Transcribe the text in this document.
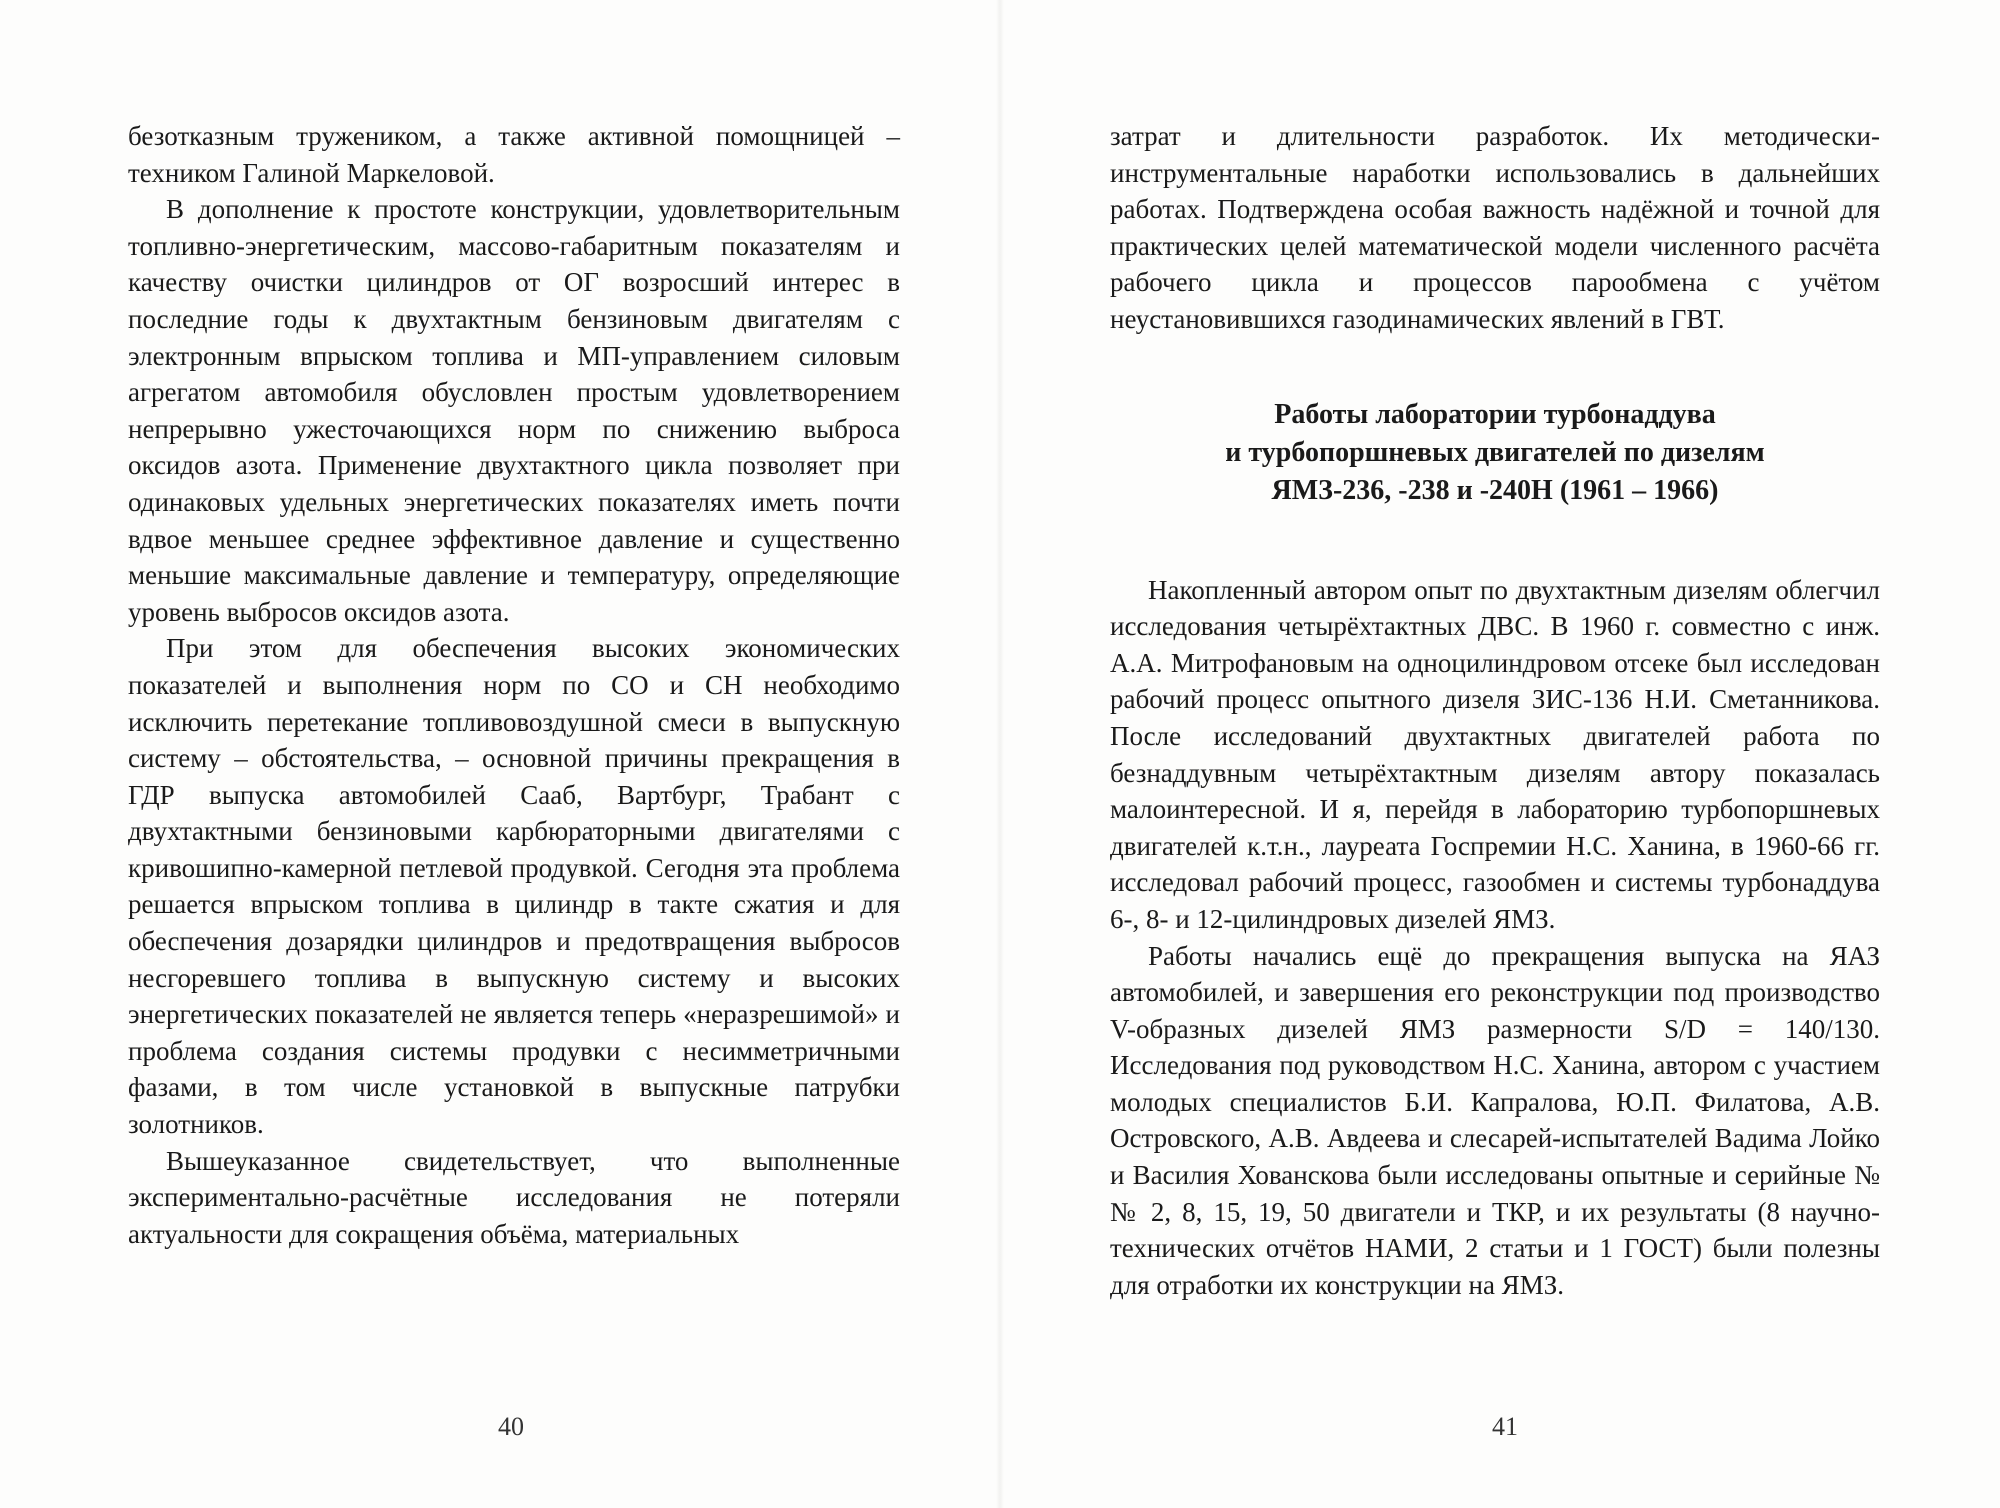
безотказным тружеником, а также активной помощницей – техником Галиной Маркеловой.

В дополнение к простоте конструкции, удовлетворительным топливно-энергетическим, массово-габаритным показателям и качеству очистки цилиндров от ОГ возросший интерес в последние годы к двухтактным бензиновым двигателям с электронным впрыском топлива и МП-управлением силовым агрегатом автомобиля обусловлен простым удовлетворением непрерывно ужесточающихся норм по снижению выброса оксидов азота. Применение двухтактного цикла позволяет при одинаковых удельных энергетических показателях иметь почти вдвое меньшее среднее эффективное давление и существенно меньшие максимальные давление и температуру, определяющие уровень выбросов оксидов азота.

При этом для обеспечения высоких экономических показателей и выполнения норм по СО и СН необходимо исключить перетекание топливовоздушной смеси в выпускную систему – обстоятельства, – основной причины прекращения в ГДР выпуска автомобилей Сааб, Вартбург, Трабант с двухтактными бензиновыми карбюраторными двигателями с кривошипно-камерной петлевой продувкой. Сегодня эта проблема решается впрыском топлива в цилиндр в такте сжатия и для обеспечения дозарядки цилиндров и предотвращения выбросов несгоревшего топлива в выпускную систему и высоких энергетических показателей не является теперь «неразрешимой» и проблема создания системы продувки с несимметричными фазами, в том числе установкой в выпускные патрубки золотников.

Вышеуказанное свидетельствует, что выполненные экспериментально-расчётные исследования не потеряли актуальности для сокращения объёма, материальных

40

затрат и длительности разработок. Их методически-инструментальные наработки использовались в дальнейших работах. Подтверждена особая важность надёжной и точной для практических целей математической модели численного расчёта рабочего цикла и процессов парообмена с учётом неустановившихся газодинамических явлений в ГВТ.

Работы лаборатории турбонаддува
и турбопоршневых двигателей по дизелям
ЯМЗ-236, -238 и -240Н (1961 – 1966)

Накопленный автором опыт по двухтактным дизелям облегчил исследования четырёхтактных ДВС. В 1960 г. совместно с инж. А.А. Митрофановым на одноцилиндровом отсеке был исследован рабочий процесс опытного дизеля ЗИС-136 Н.И. Сметанникова. После исследований двухтактных двигателей работа по безнаддувным четырёхтактным дизелям автору показалась малоинтересной. И я, перейдя в лабораторию турбопоршневых двигателей к.т.н., лауреата Госпремии Н.С. Ханина, в 1960-66 гг. исследовал рабочий процесс, газообмен и системы турбонаддува 6-, 8- и 12-цилиндровых дизелей ЯМЗ.

Работы начались ещё до прекращения выпуска на ЯАЗ автомобилей, и завершения его реконструкции под производство V-образных дизелей ЯМЗ размерности S/D = 140/130. Исследования под руководством Н.С. Ханина, автором с участием молодых специалистов Б.И. Капралова, Ю.П. Филатова, А.В. Островского, А.В. Авдеева и слесарей-испытателей Вадима Лойко и Василия Хованскова были исследованы опытные и серийные №№ 2, 8, 15, 19, 50 двигатели и ТКР, и их результаты (8 научно-технических отчётов НАМИ, 2 статьи и 1 ГОСТ) были полезны для отработки их конструкции на ЯМЗ.

41
